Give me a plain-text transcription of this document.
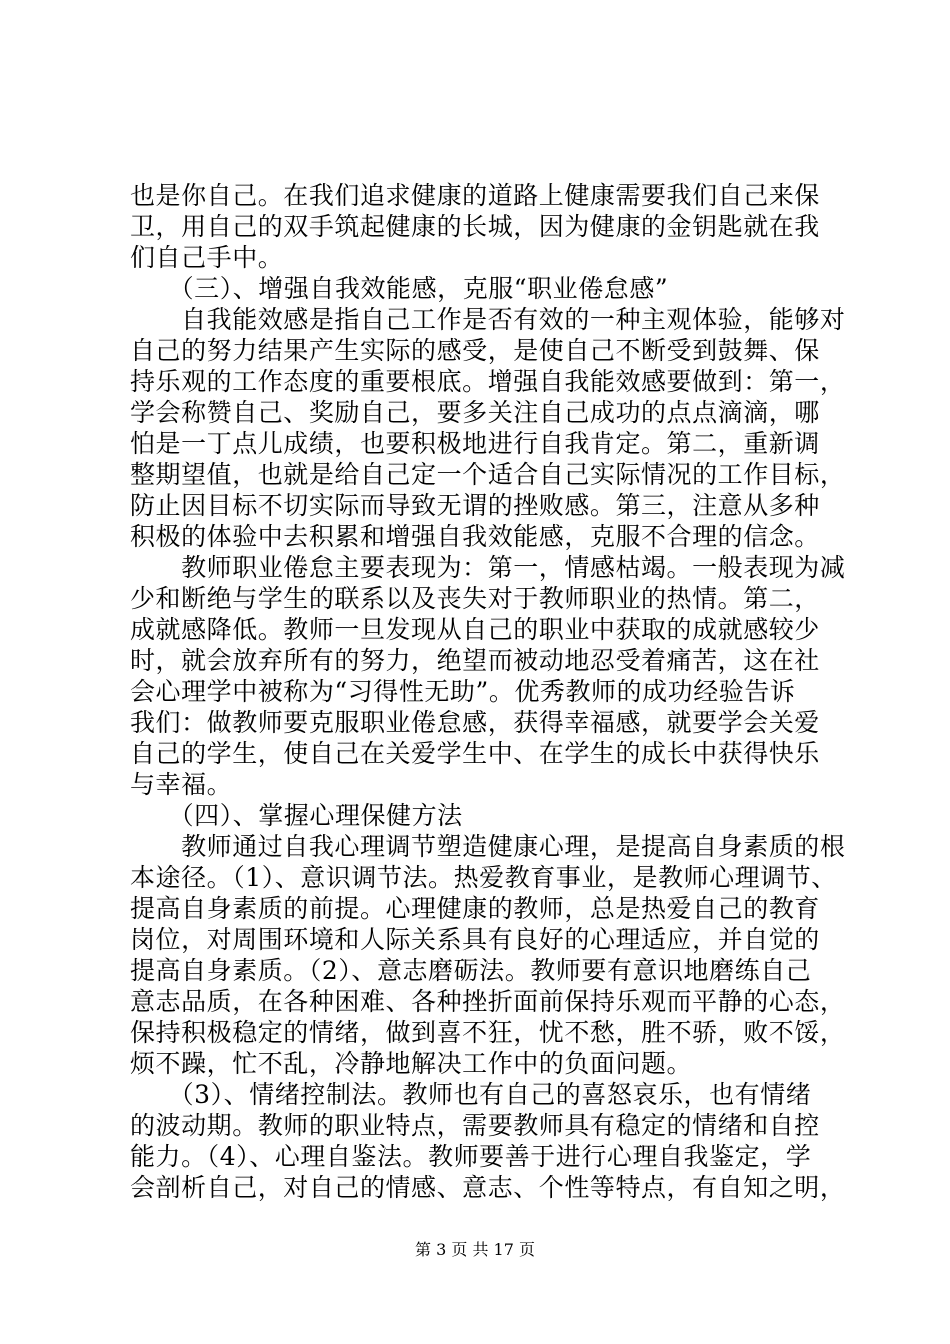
也是你自己。在我们追求健康的道路上健康需要我们自己来保
卫，用自己的双手筑起健康的长城，因为健康的金钥匙就在我
们自己手中。
　　（三）、增强自我效能感，克服“职业倦怠感”
　　自我能效感是指自己工作是否有效的一种主观体验，能够对
自己的努力结果产生实际的感受，是使自己不断受到鼓舞、保
持乐观的工作态度的重要根底。增强自我能效感要做到：第一，
学会称赞自己、奖励自己，要多关注自己成功的点点滴滴，哪
怕是一丁点儿成绩，也要积极地进行自我肯定。第二，重新调
整期望值，也就是给自己定一个适合自己实际情况的工作目标，
防止因目标不切实际而导致无谓的挫败感。第三，注意从多种
积极的体验中去积累和增强自我效能感，克服不合理的信念。
　　教师职业倦怠主要表现为：第一，情感枯竭。一般表现为减
少和断绝与学生的联系以及丧失对于教师职业的热情。第二，
成就感降低。教师一旦发现从自己的职业中获取的成就感较少
时，就会放弃所有的努力，绝望而被动地忍受着痛苦，这在社
会心理学中被称为“习得性无助”。优秀教师的成功经验告诉
我们：做教师要克服职业倦怠感，获得幸福感，就要学会关爱
自己的学生，使自己在关爱学生中、在学生的成长中获得快乐
与幸福。
　　（四）、掌握心理保健方法
　　教师通过自我心理调节塑造健康心理，是提高自身素质的根
本途径。（1）、意识调节法。热爱教育事业，是教师心理调节、
提高自身素质的前提。心理健康的教师，总是热爱自己的教育
岗位，对周围环境和人际关系具有良好的心理适应，并自觉的
提高自身素质。（2）、意志磨砺法。教师要有意识地磨练自己
意志品质，在各种困难、各种挫折面前保持乐观而平静的心态，
保持积极稳定的情绪，做到喜不狂，忧不愁，胜不骄，败不馁，
烦不躁，忙不乱，冷静地解决工作中的负面问题。
　　（3）、情绪控制法。教师也有自己的喜怒哀乐，也有情绪
的波动期。教师的职业特点，需要教师具有稳定的情绪和自控
能力。（4）、心理自鉴法。教师要善于进行心理自我鉴定，学
会剖析自己，对自己的情感、意志、个性等特点，有自知之明，
第 3 页 共 17 页
